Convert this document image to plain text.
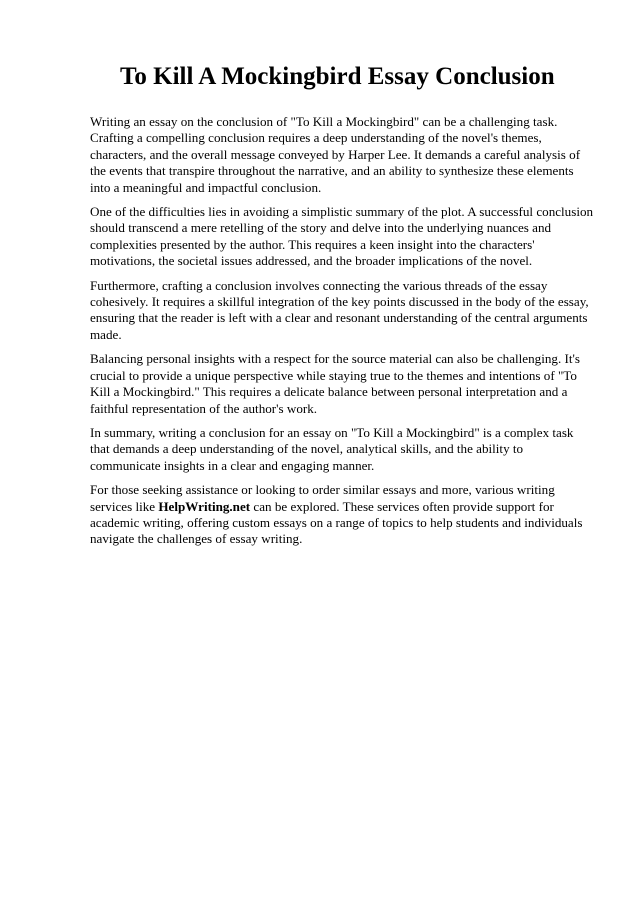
To Kill A Mockingbird Essay Conclusion

Writing an essay on the conclusion of "To Kill a Mockingbird" can be a challenging task. Crafting a compelling conclusion requires a deep understanding of the novel's themes, characters, and the overall message conveyed by Harper Lee. It demands a careful analysis of the events that transpire throughout the narrative, and an ability to synthesize these elements into a meaningful and impactful conclusion.

One of the difficulties lies in avoiding a simplistic summary of the plot. A successful conclusion should transcend a mere retelling of the story and delve into the underlying nuances and complexities presented by the author. This requires a keen insight into the characters' motivations, the societal issues addressed, and the broader implications of the novel.

Furthermore, crafting a conclusion involves connecting the various threads of the essay cohesively. It requires a skillful integration of the key points discussed in the body of the essay, ensuring that the reader is left with a clear and resonant understanding of the central arguments made.

Balancing personal insights with a respect for the source material can also be challenging. It's crucial to provide a unique perspective while staying true to the themes and intentions of "To Kill a Mockingbird." This requires a delicate balance between personal interpretation and a faithful representation of the author's work.

In summary, writing a conclusion for an essay on "To Kill a Mockingbird" is a complex task that demands a deep understanding of the novel, analytical skills, and the ability to communicate insights in a clear and engaging manner.

For those seeking assistance or looking to order similar essays and more, various writing services like HelpWriting.net can be explored. These services often provide support for academic writing, offering custom essays on a range of topics to help students and individuals navigate the challenges of essay writing.
